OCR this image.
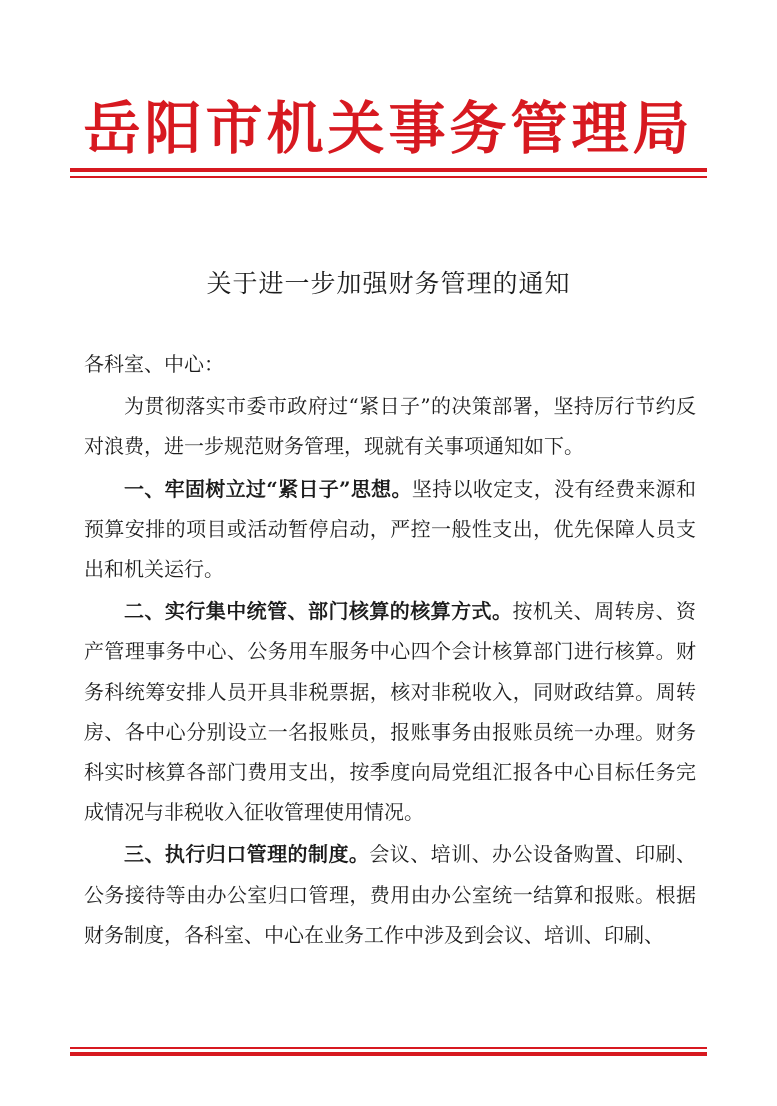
岳阳市机关事务管理局
关于进一步加强财务管理的通知

各科室、中心：

为贯彻落实市委市政府过“紧日子”的决策部署，坚持厉行节约反对浪费，进一步规范财务管理，现就有关事项通知如下。

一、牢固树立过“紧日子”思想。坚持以收定支，没有经费来源和预算安排的项目或活动暂停启动，严控一般性支出，优先保障人员支出和机关运行。

二、实行集中统管、部门核算的核算方式。按机关、周转房、资产管理事务中心、公务用车服务中心四个会计核算部门进行核算。财务科统筹安排人员开具非税票据，核对非税收入，同财政结算。周转房、各中心分别设立一名报账员，报账事务由报账员统一办理。财务科实时核算各部门费用支出，按季度向局党组汇报各中心目标任务完成情况与非税收入征收管理使用情况。

三、执行归口管理的制度。会议、培训、办公设备购置、印刷、公务接待等由办公室归口管理，费用由办公室统一结算和报账。根据财务制度，各科室、中心在业务工作中涉及到会议、培训、印刷、
